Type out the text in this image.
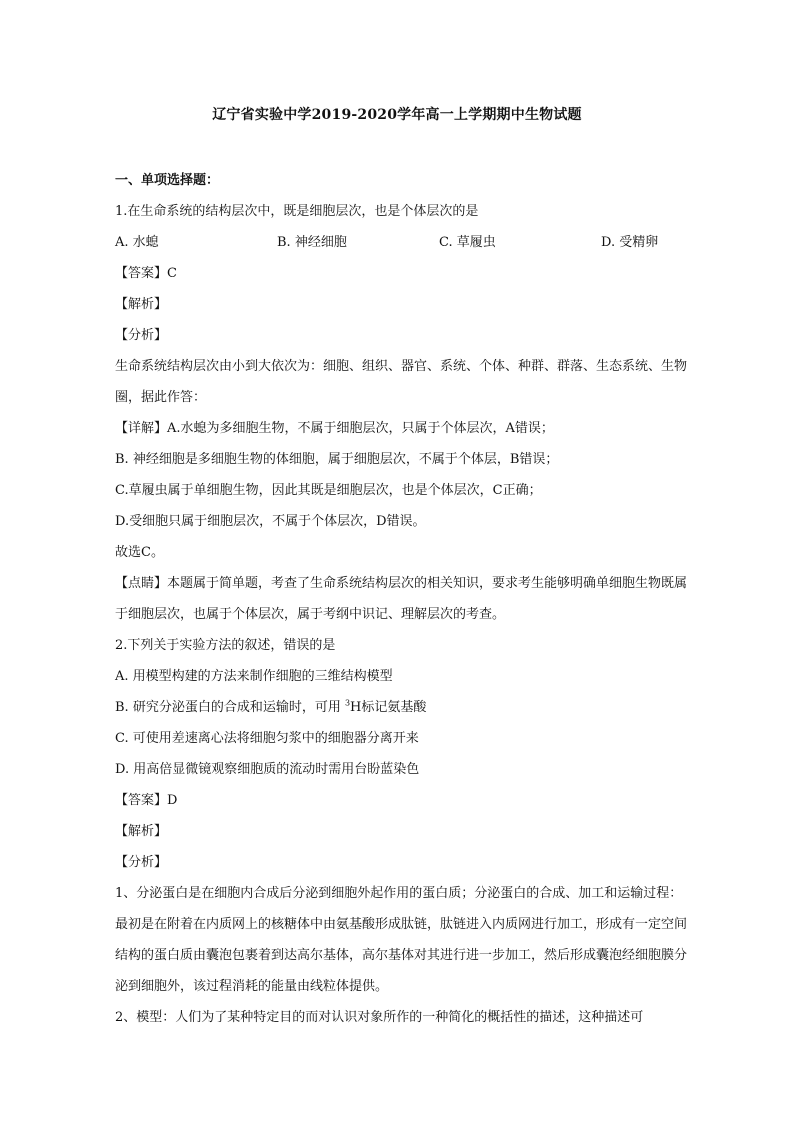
辽宁省实验中学2019-2020学年高一上学期期中生物试题
一、单项选择题：
1.在生命系统的结构层次中，既是细胞层次，也是个体层次的是
A. 水螅	B. 神经细胞	C. 草履虫	D. 受精卵
【答案】C
【解析】
【分析】
生命系统结构层次由小到大依次为：细胞、组织、器官、系统、个体、种群、群落、生态系统、生物圈，据此作答：
【详解】A.水螅为多细胞生物，不属于细胞层次，只属于个体层次，A错误；
B. 神经细胞是多细胞生物的体细胞，属于细胞层次，不属于个体层，B错误；
C.草履虫属于单细胞生物，因此其既是细胞层次，也是个体层次，C正确；
D.受细胞只属于细胞层次，不属于个体层次，D错误。
故选C。
【点睛】本题属于简单题，考查了生命系统结构层次的相关知识，要求考生能够明确单细胞生物既属于细胞层次，也属于个体层次，属于考纲中识记、理解层次的考查。
2.下列关于实验方法的叙述，错误的是
A. 用模型构建的方法来制作细胞的三维结构模型
B. 研究分泌蛋白的合成和运输时，可用 $^3$H标记氨基酸
C. 可使用差速离心法将细胞匀浆中的细胞器分离开来
D. 用高倍显微镜观察细胞质的流动时需用台盼蓝染色
【答案】D
【解析】
【分析】
1、分泌蛋白是在细胞内合成后分泌到细胞外起作用的蛋白质；分泌蛋白的合成、加工和运输过程：最初是在附着在内质网上的核糖体中由氨基酸形成肽链，肽链进入内质网进行加工，形成有一定空间结构的蛋白质由囊泡包裹着到达高尔基体，高尔基体对其进行进一步加工，然后形成囊泡经细胞膜分泌到细胞外，该过程消耗的能量由线粒体提供。
2、模型：人们为了某种特定目的而对认识对象所作的一种简化的概括性的描述，这种描述可
